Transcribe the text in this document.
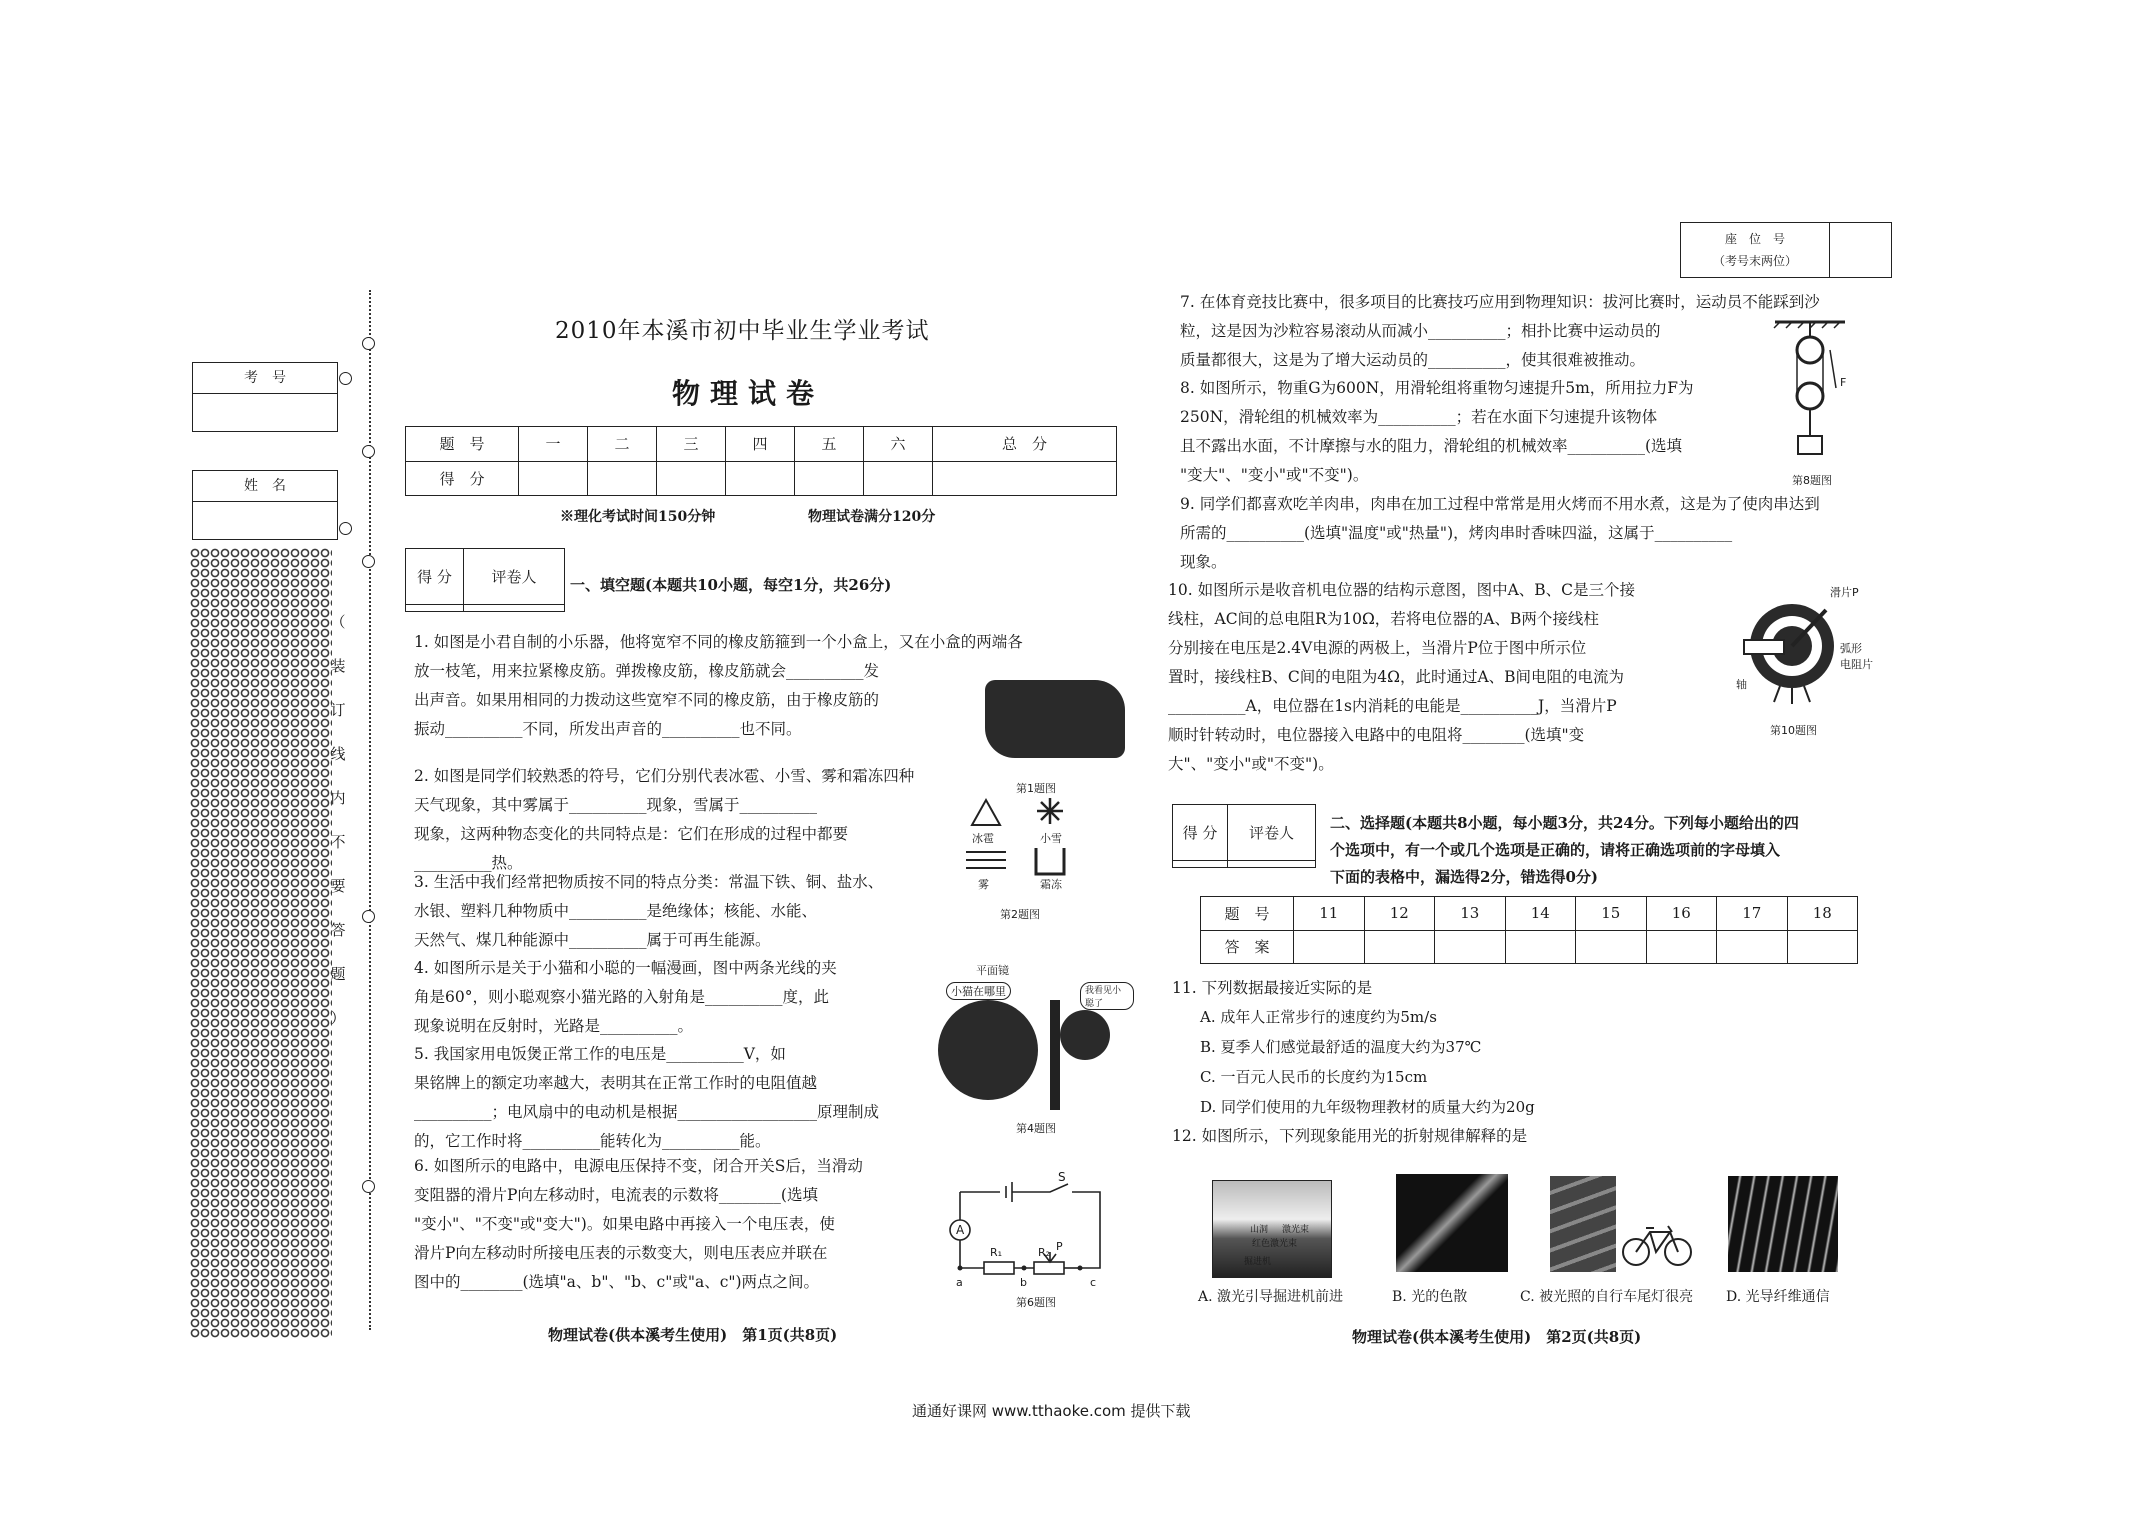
考　号
姓　名
（
装
订
线
内
不
要
答
题
）
座　位　号
（考号末两位）

2010年本溪市初中毕业生学业考试
物理试卷
题　号	一	二	三	四	五	六	总　分
得　分							
※理化考试时间150分钟	物理试卷满分120分
得 分	评卷人
	一、填空题(本题共10小题，每空1分，共26分)
1. 如图是小君自制的小乐器，他将宽窄不同的橡皮筋箍到一个小盒上，又在小盒的两端各
放一枝笔，用来拉紧橡皮筋。弹拨橡皮筋，橡皮筋就会__________发
出声音。如果用相同的力拨动这些宽窄不同的橡皮筋，由于橡皮筋的
振动__________不同，所发出声音的__________也不同。
第1题图
2. 如图是同学们较熟悉的符号，它们分别代表冰雹、小雪、雾和霜冻四种
天气现象，其中雾属于__________现象，雪属于__________
现象，这两种物态变化的共同特点是：它们在形成的过程中都要
__________热。
冰雹	小雪
雾	霜冻
第2题图
3. 生活中我们经常把物质按不同的特点分类：常温下铁、铜、盐水、
水银、塑料几种物质中__________是绝缘体；核能、水能、
天然气、煤几种能源中__________属于可再生能源。
4. 如图所示是关于小猫和小聪的一幅漫画，图中两条光线的夹
角是60°，则小聪观察小猫光路的入射角是__________度，此
现象说明在反射时，光路是__________。
平面镜
小猫在哪里	我看见小聪了
第4题图
5. 我国家用电饭煲正常工作的电压是__________V，如
果铭牌上的额定功率越大，表明其在正常工作时的电阻值越
__________；电风扇中的电动机是根据__________________原理制成
的，它工作时将__________能转化为__________能。
6. 如图所示的电路中，电源电压保持不变，闭合开关S后，当滑动
变阻器的滑片P向左移动时，电流表的示数将________(选填
"变小"、"不变"或"变大")。如果电路中再接入一个电压表，使
滑片P向左移动时所接电压表的示数变大，则电压表应并联在
图中的________(选填"a、b"、"b、c"或"a、c")两点之间。
A
S
R₁	R₂ P
a	b	c
第6题图
物理试卷(供本溪考生使用)　第1页(共8页)
7. 在体育竞技比赛中，很多项目的比赛技巧应用到物理知识：拔河比赛时，运动员不能踩到沙
粒，这是因为沙粒容易滚动从而减小__________；相扑比赛中运动员的
质量都很大，这是为了增大运动员的__________，使其很难被推动。
8. 如图所示，物重G为600N，用滑轮组将重物匀速提升5m，所用拉力F为
250N，滑轮组的机械效率为__________；若在水面下匀速提升该物体
且不露出水面，不计摩擦与水的阻力，滑轮组的机械效率__________(选填
"变大"、"变小"或"不变")。
F
第8题图
9. 同学们都喜欢吃羊肉串，肉串在加工过程中常常是用火烤而不用水煮，这是为了使肉串达到
所需的__________(选填"温度"或"热量")，烤肉串时香味四溢，这属于__________
现象。
10. 如图所示是收音机电位器的结构示意图，图中A、B、C是三个接
线柱，AC间的总电阻R为10Ω，若将电位器的A、B两个接线柱
分别接在电压是2.4V电源的两极上，当滑片P位于图中所示位
置时，接线柱B、C间的电阻为4Ω，此时通过A、B间电阻的电流为
__________A，电位器在1s内消耗的电能是__________J，当滑片P
顺时针转动时，电位器接入电路中的电阻将________(选填"变
大"、"变小"或"不变")。
滑片P
弧形
电阻片
轴
第10题图
得 分	评卷人

二、选择题(本题共8小题，每小题3分，共24分。下列每小题给出的四
个选项中，有一个或几个选项是正确的，请将正确选项前的字母填入
下面的表格中，漏选得2分，错选得0分)
题　号	11	12	13	14	15	16	17	18
答　案								
11. 下列数据最接近实际的是
A. 成年人正常步行的速度约为5m/s
B. 夏季人们感觉最舒适的温度大约为37℃
C. 一百元人民币的长度约为15cm
D. 同学们使用的九年级物理教材的质量大约为20g
12. 如图所示，下列现象能用光的折射规律解释的是
山洞 激光束
红色激光束
掘进机
A. 激光引导掘进机前进	B. 光的色散	C. 被光照的自行车尾灯很亮 D. 光导纤维通信
物理试卷(供本溪考生使用)　第2页(共8页)
通通好课网 www.tthaoke.com 提供下载
